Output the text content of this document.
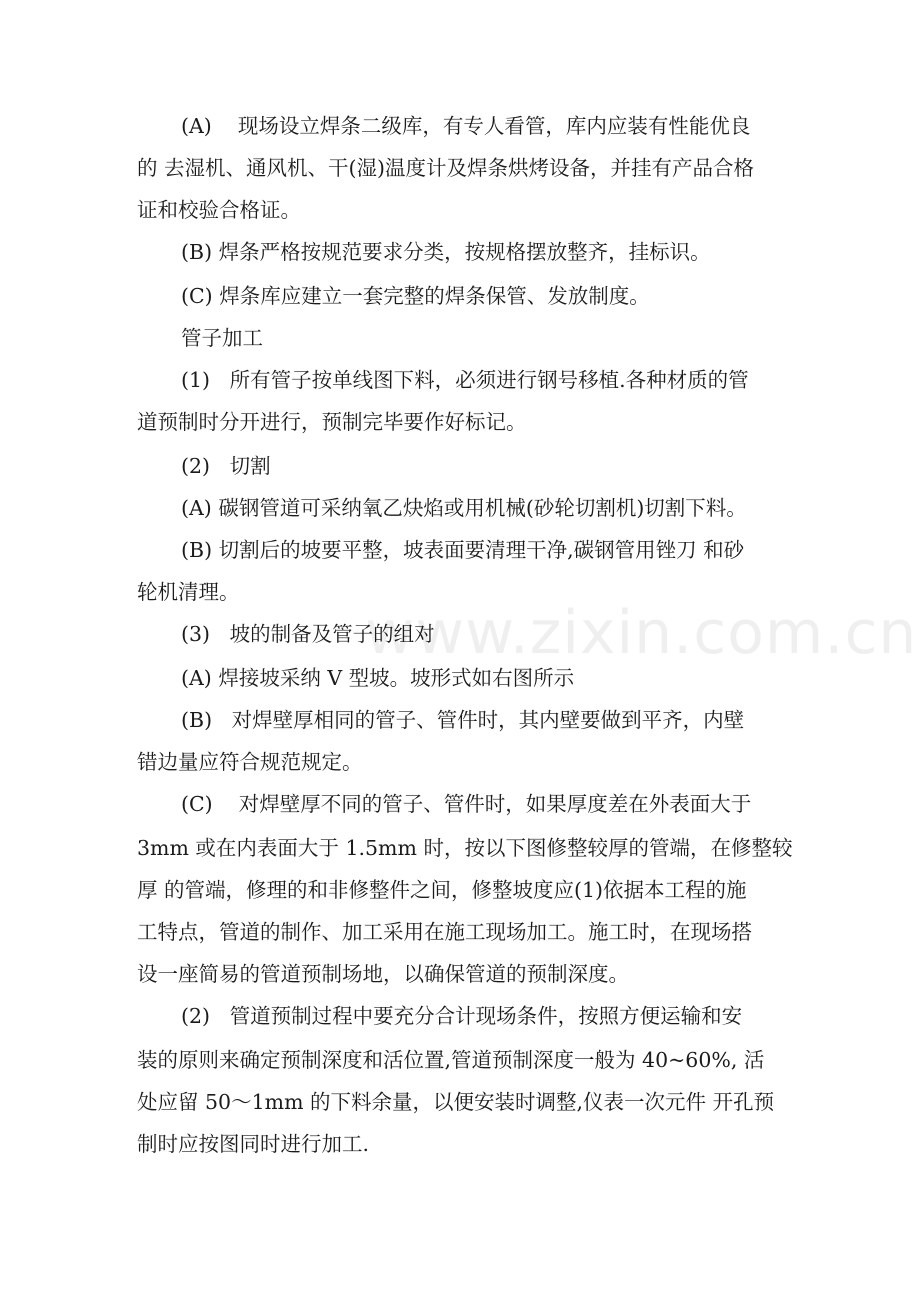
www.zixin.com.cn
(A)    现场设立焊条二级库，有专人看管，库内应装有性能优良
的 去湿机、通风机、干(湿)温度计及焊条烘烤设备，并挂有产品合格
证和校验合格证。
(B) 焊条严格按规范要求分类，按规格摆放整齐，挂标识。
(C) 焊条库应建立一套完整的焊条保管、发放制度。
管子加工
(1)   所有管子按单线图下料，必须进行钢号移植.各种材质的管
道预制时分开进行，预制完毕要作好标记。
(2)   切割
(A) 碳钢管道可采纳氧乙炔焰或用机械(砂轮切割机)切割下料。
(B) 切割后的坡要平整，坡表面要清理干净,碳钢管用锉刀 和砂
轮机清理。
(3)   坡的制备及管子的组对
(A) 焊接坡采纳 V 型坡。坡形式如右图所示
(B)   对焊壁厚相同的管子、管件时，其内壁要做到平齐，内壁
错边量应符合规范规定。
(C)    对焊壁厚不同的管子、管件时，如果厚度差在外表面大于
3mm 或在内表面大于 1.5mm 时，按以下图修整较厚的管端，在修整较
厚 的管端，修理的和非修整件之间，修整坡度应(1)依据本工程的施
工特点，管道的制作、加工采用在施工现场加工。施工时，在现场搭
设一座简易的管道预制场地，以确保管道的预制深度。
(2)   管道预制过程中要充分合计现场条件，按照方便运输和安
装的原则来确定预制深度和活位置,管道预制深度一般为 40~60%, 活
处应留 50～1mm 的下料余量，以便安装时调整,仪表一次元件 开孔预
制时应按图同时进行加工.
